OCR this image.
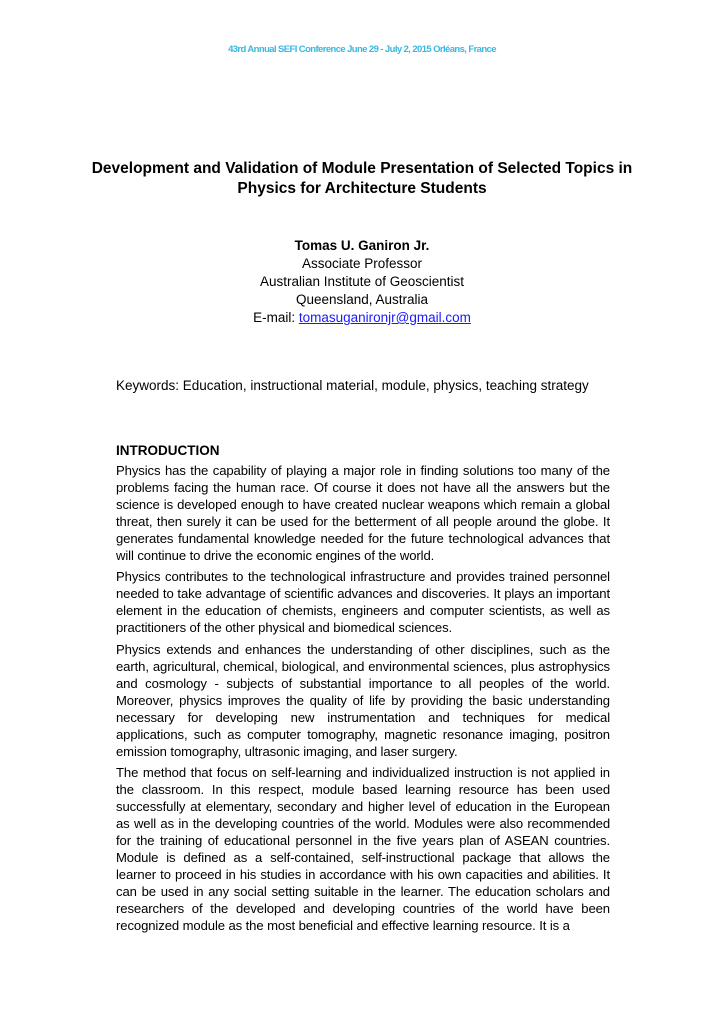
43rd Annual SEFI Conference June 29 - July 2, 2015 Orléans, France
Development and Validation of Module Presentation of Selected Topics in Physics for Architecture Students
Tomas U. Ganiron Jr.
Associate Professor
Australian Institute of Geoscientist
Queensland, Australia
E-mail: tomasuganironjr@gmail.com
Keywords: Education, instructional material, module, physics, teaching strategy
INTRODUCTION

Physics has the capability of playing a major role in finding solutions too many of the problems facing the human race. Of course it does not have all the answers but the science is developed enough to have created nuclear weapons which remain a global threat, then surely it can be used for the betterment of all people around the globe. It generates fundamental knowledge needed for the future technological advances that will continue to drive the economic engines of the world.

Physics contributes to the technological infrastructure and provides trained personnel needed to take advantage of scientific advances and discoveries. It plays an important element in the education of chemists, engineers and computer scientists, as well as practitioners of the other physical and biomedical sciences.

Physics extends and enhances the understanding of other disciplines, such as the earth, agricultural, chemical, biological, and environmental sciences, plus astrophysics and cosmology - subjects of substantial importance to all peoples of the world. Moreover, physics improves the quality of life by providing the basic understanding necessary for developing new instrumentation and techniques for medical applications, such as computer tomography, magnetic resonance imaging, positron emission tomography, ultrasonic imaging, and laser surgery.

The method that focus on self-learning and individualized instruction is not applied in the classroom. In this respect, module based learning resource has been used successfully at elementary, secondary and higher level of education in the European as well as in the developing countries of the world. Modules were also recommended for the training of educational personnel in the five years plan of ASEAN countries. Module is defined as a self-contained, self-instructional package that allows the learner to proceed in his studies in accordance with his own capacities and abilities. It can be used in any social setting suitable in the learner. The education scholars and researchers of the developed and developing countries of the world have been recognized module as the most beneficial and effective learning resource. It is a
